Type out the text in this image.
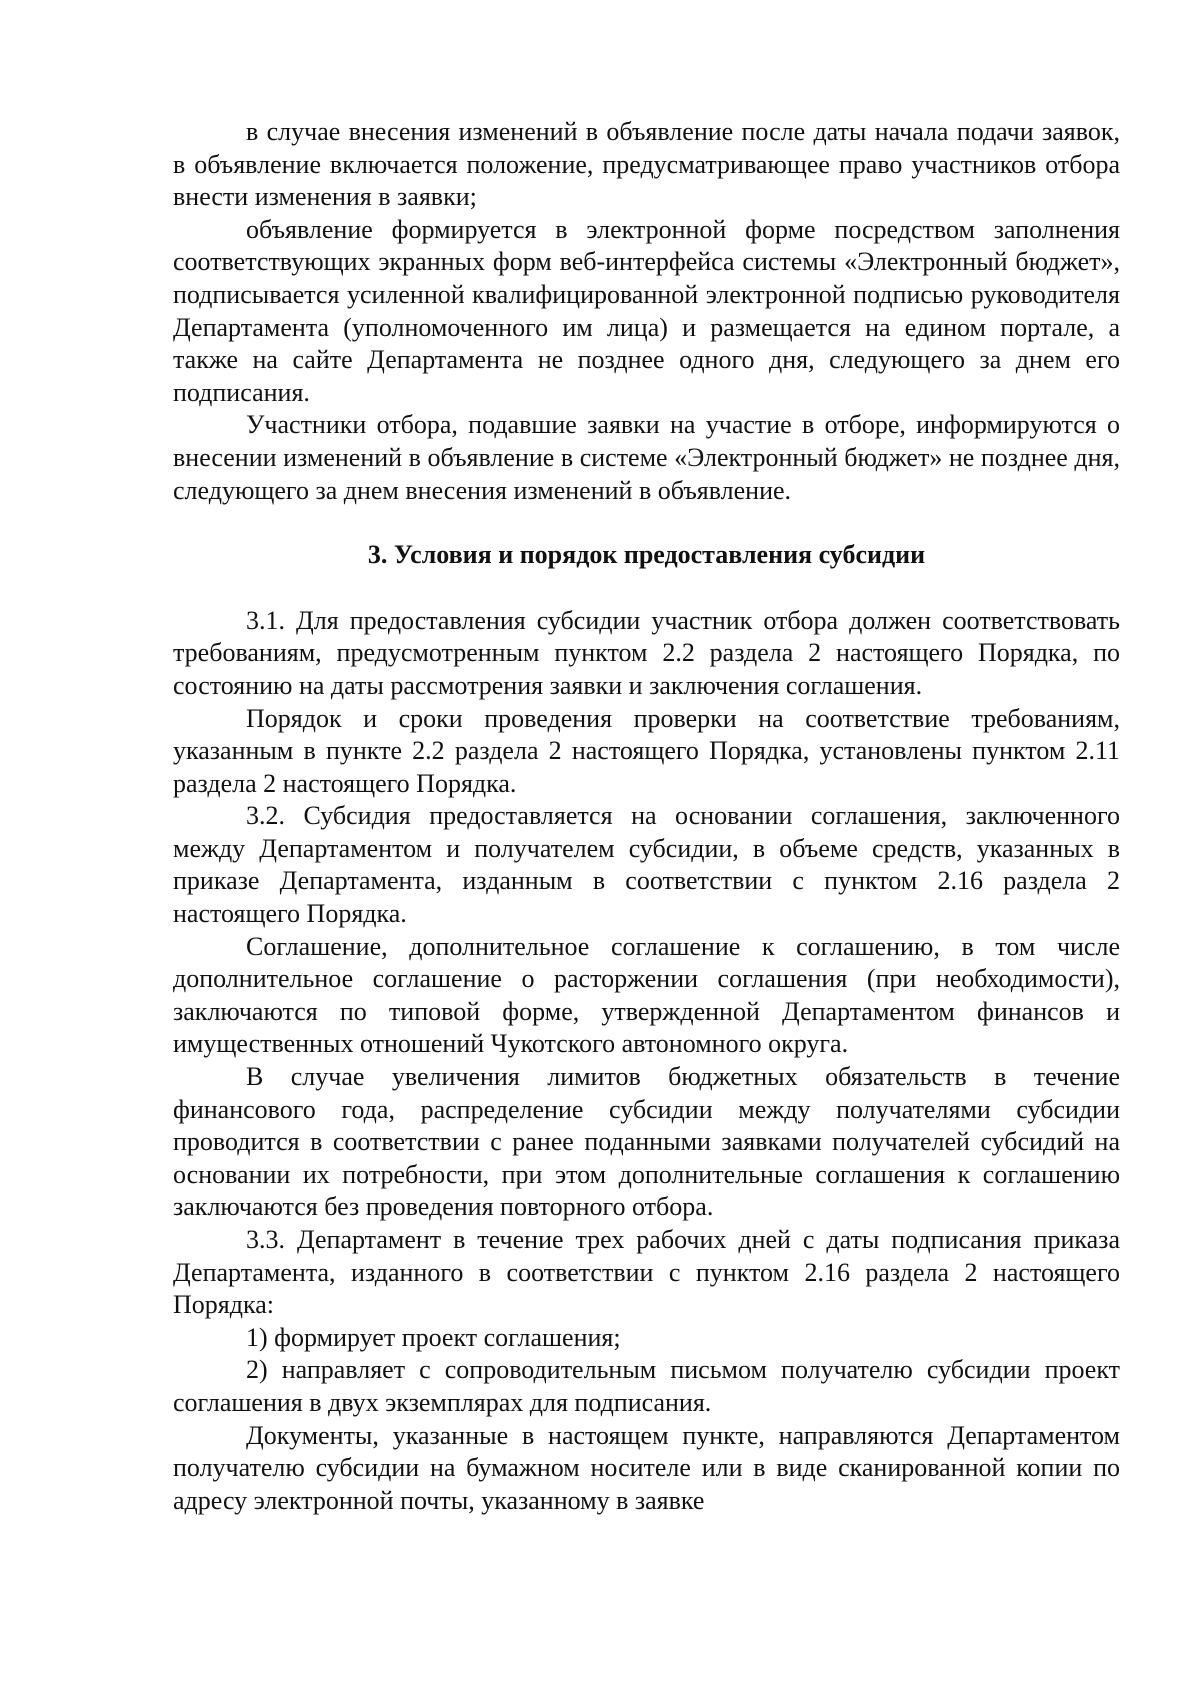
в случае внесения изменений в объявление после даты начала подачи заявок, в объявление включается положение, предусматривающее право участников отбора внести изменения в заявки;

объявление формируется в электронной форме посредством заполнения соответствующих экранных форм веб-интерфейса системы «Электронный бюджет», подписывается усиленной квалифицированной электронной подписью руководителя Департамента (уполномоченного им лица) и размещается на едином портале, а также на сайте Департамента не позднее одного дня, следующего за днем его подписания.

Участники отбора, подавшие заявки на участие в отборе, информируются о внесении изменений в объявление в системе «Электронный бюджет» не позднее дня, следующего за днем внесения изменений в объявление.

3. Условия и порядок предоставления субсидии

3.1. Для предоставления субсидии участник отбора должен соответствовать требованиям, предусмотренным пунктом 2.2 раздела 2 настоящего Порядка, по состоянию на даты рассмотрения заявки и заключения соглашения.

Порядок и сроки проведения проверки на соответствие требованиям, указанным в пункте 2.2 раздела 2 настоящего Порядка, установлены пунктом 2.11 раздела 2 настоящего Порядка.

3.2. Субсидия предоставляется на основании соглашения, заключенного между Департаментом и получателем субсидии, в объеме средств, указанных в приказе Департамента, изданным в соответствии с пунктом 2.16 раздела 2 настоящего Порядка.

Соглашение, дополнительное соглашение к соглашению, в том числе дополнительное соглашение о расторжении соглашения (при необходимости), заключаются по типовой форме, утвержденной Департаментом финансов и имущественных отношений Чукотского автономного округа.

В случае увеличения лимитов бюджетных обязательств в течение финансового года, распределение субсидии между получателями субсидии проводится в соответствии с ранее поданными заявками получателей субсидий на основании их потребности, при этом дополнительные соглашения к соглашению заключаются без проведения повторного отбора.

3.3. Департамент в течение трех рабочих дней с даты подписания приказа Департамента, изданного в соответствии с пунктом 2.16 раздела 2 настоящего Порядка:

1) формирует проект соглашения;

2) направляет с сопроводительным письмом получателю субсидии проект соглашения в двух экземплярах для подписания.

Документы, указанные в настоящем пункте, направляются Департаментом получателю субсидии на бумажном носителе или в виде сканированной копии по адресу электронной почты, указанному в заявке
